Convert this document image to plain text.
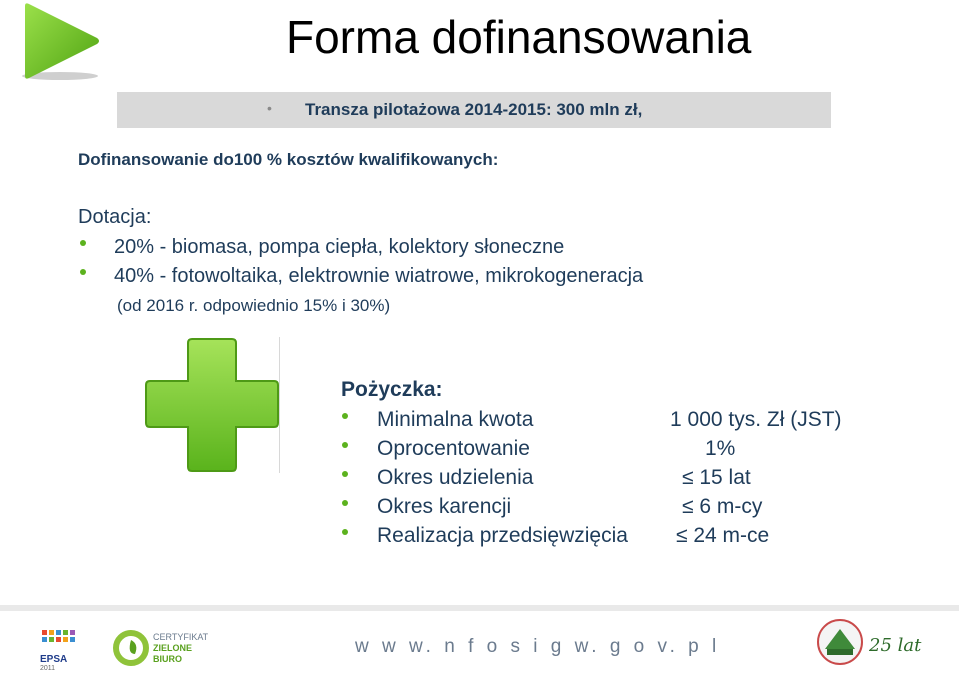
Forma dofinansowania
• Transza pilotażowa 2014-2015: 300 mln zł,
Dofinansowanie do100 % kosztów kwalifikowanych:
Dotacja:
20% - biomasa, pompa ciepła, kolektory słoneczne
40% - fotowoltaika, elektrownie wiatrowe, mikrokogeneracja
(od 2016 r. odpowiednio 15% i 30%)
Pożyczka:
Minimalna kwota	1 000 tys. Zł (JST)
Oprocentowanie	1%
Okres udzielenia	≤ 15 lat
Okres karencji	≤ 6 m-cy
Realizacja przedsięwzięcia ≤ 24 m-ce
EPSA
2011
CERTYFIKAT
ZIELONE
BIURO
w w w. n f o s i g w. g o v. p l	25 lat
